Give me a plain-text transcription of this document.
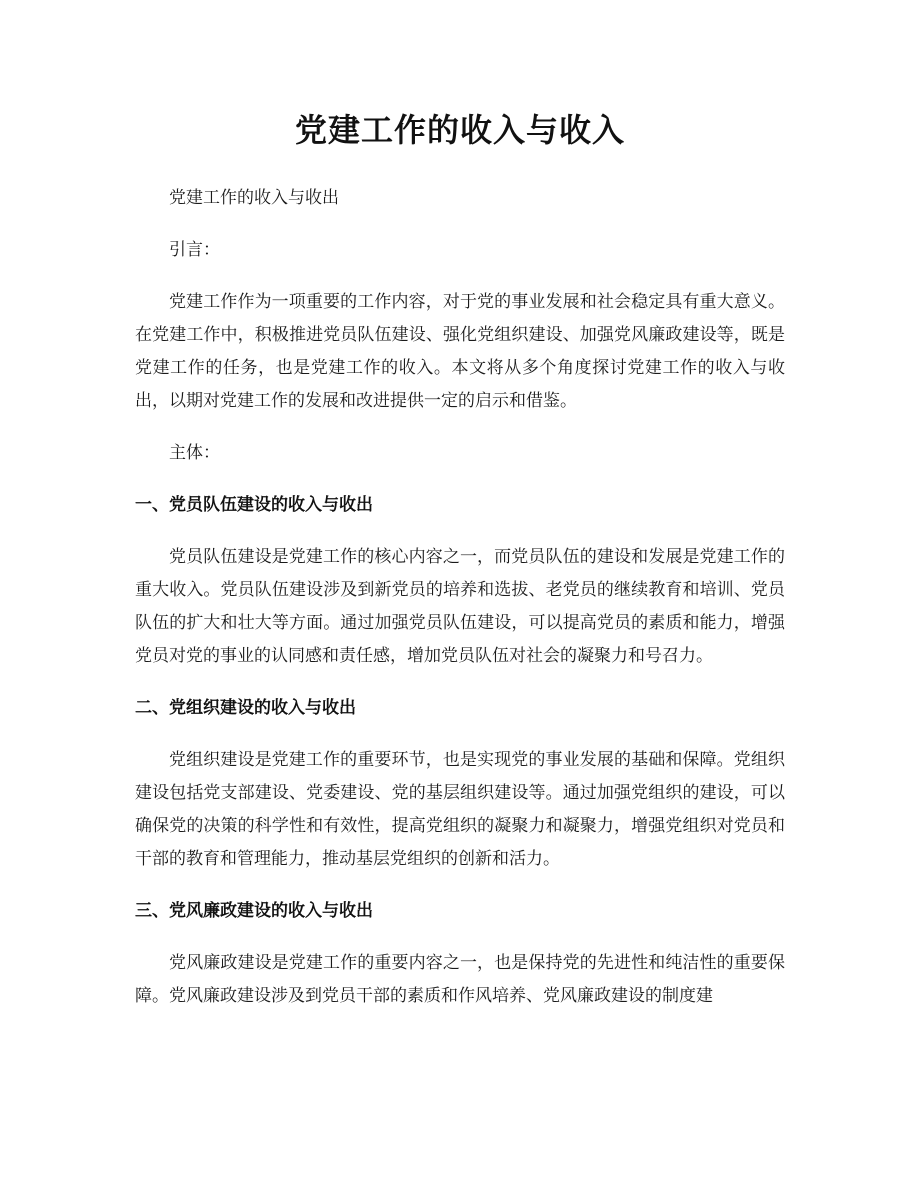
党建工作的收入与收入

党建工作的收入与收出

引言：

党建工作作为一项重要的工作内容，对于党的事业发展和社会稳定具有重大意义。在党建工作中，积极推进党员队伍建设、强化党组织建设、加强党风廉政建设等，既是党建工作的任务，也是党建工作的收入。本文将从多个角度探讨党建工作的收入与收出，以期对党建工作的发展和改进提供一定的启示和借鉴。

主体：

一、党员队伍建设的收入与收出

党员队伍建设是党建工作的核心内容之一，而党员队伍的建设和发展是党建工作的重大收入。党员队伍建设涉及到新党员的培养和选拔、老党员的继续教育和培训、党员队伍的扩大和壮大等方面。通过加强党员队伍建设，可以提高党员的素质和能力，增强党员对党的事业的认同感和责任感，增加党员队伍对社会的凝聚力和号召力。

二、党组织建设的收入与收出

党组织建设是党建工作的重要环节，也是实现党的事业发展的基础和保障。党组织建设包括党支部建设、党委建设、党的基层组织建设等。通过加强党组织的建设，可以确保党的决策的科学性和有效性，提高党组织的凝聚力和凝聚力，增强党组织对党员和干部的教育和管理能力，推动基层党组织的创新和活力。

三、党风廉政建设的收入与收出

党风廉政建设是党建工作的重要内容之一，也是保持党的先进性和纯洁性的重要保障。党风廉政建设涉及到党员干部的素质和作风培养、党风廉政建设的制度建
